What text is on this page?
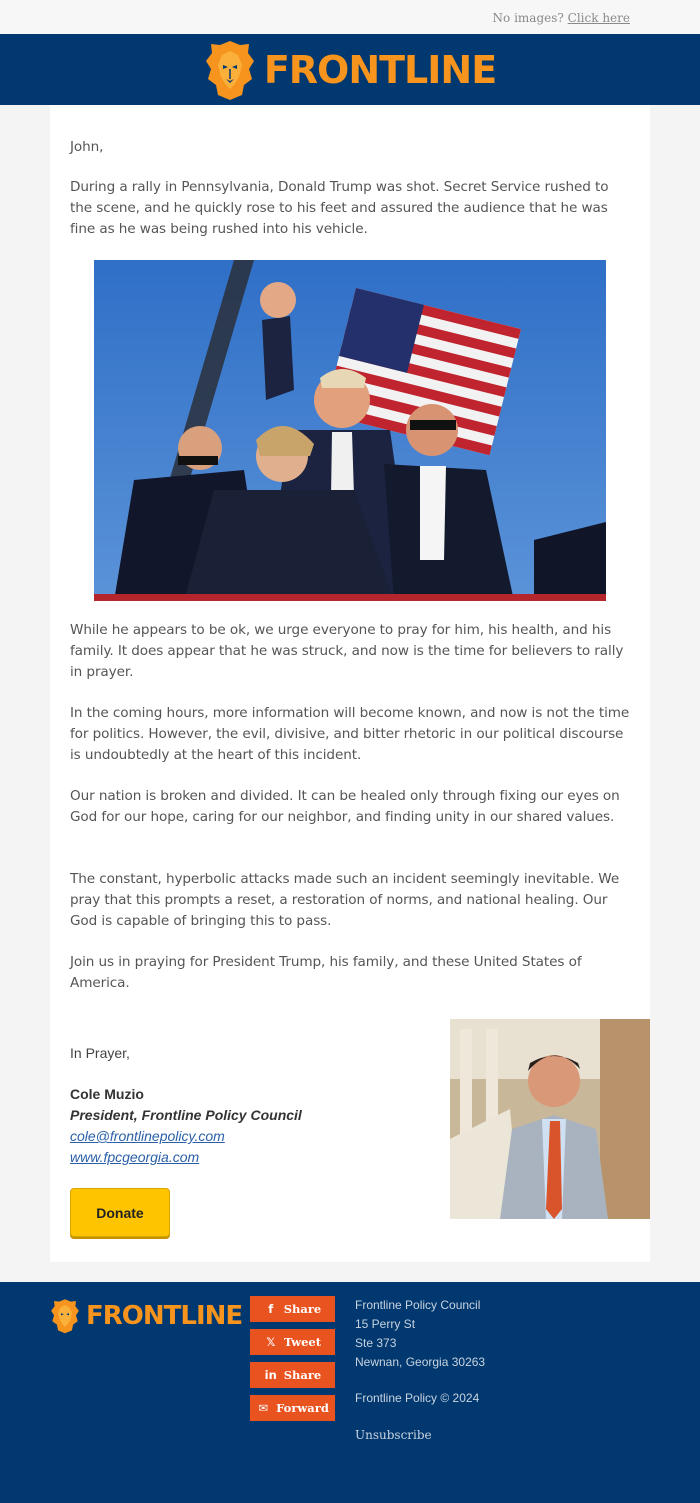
No images? Click here
FRONTLINE
John,
During a rally in Pennsylvania, Donald Trump was shot. Secret Service rushed to the scene, and he quickly rose to his feet and assured the audience that he was fine as he was being rushed into his vehicle.
While he appears to be ok, we urge everyone to pray for him, his health, and his family. It does appear that he was struck, and now is the time for believers to rally in prayer.
In the coming hours, more information will become known, and now is not the time for politics. However, the evil, divisive, and bitter rhetoric in our political discourse is undoubtedly at the heart of this incident.
Our nation is broken and divided. It can be healed only through fixing our eyes on God for our hope, caring for our neighbor, and finding unity in our shared values.
The constant, hyperbolic attacks made such an incident seemingly inevitable. We pray that this prompts a reset, a restoration of norms, and national healing. Our God is capable of bringing this to pass.
Join us in praying for President Trump, his family, and these United States of America.
In Prayer,
Cole Muzio
President, Frontline Policy Council
cole@frontlinepolicy.com
www.fpcgeorgia.com
Donate
FRONTLINE	f Share
𝕏 Tweet
in Share
✉ Forward
Frontline Policy Council
15 Perry St
Ste 373
Newnan, Georgia 30263
Frontline Policy © 2024
Unsubscribe
